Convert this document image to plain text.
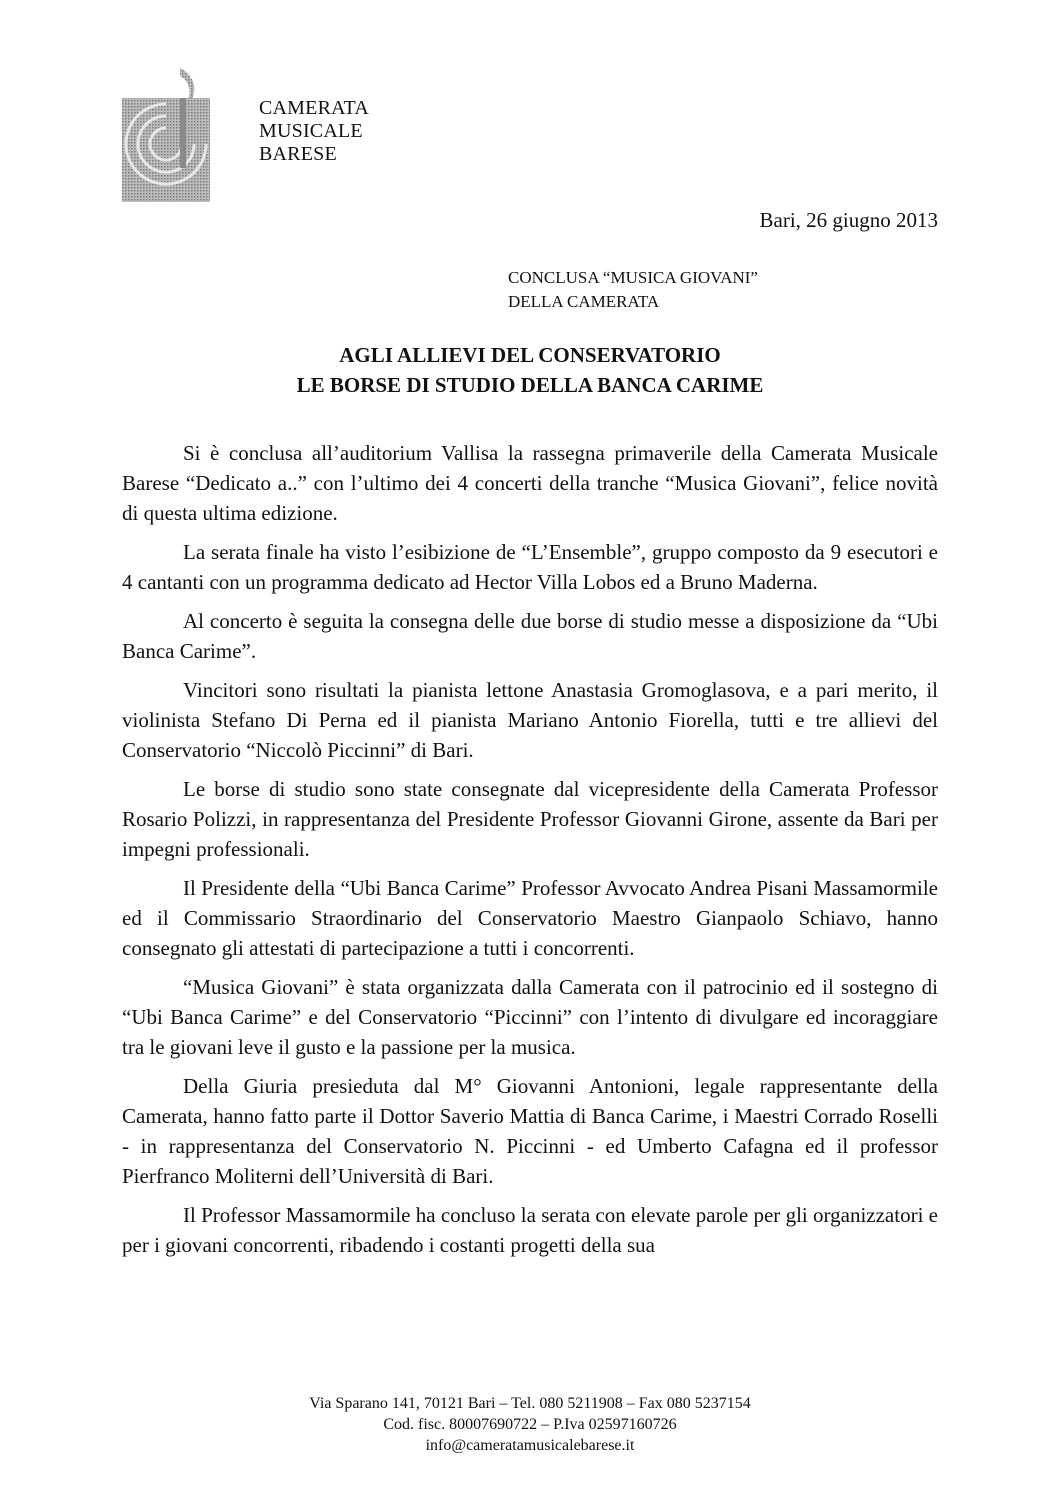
CAMERATA
MUSICALE
BARESE
Bari, 26 giugno 2013
CONCLUSA “MUSICA GIOVANI”
DELLA CAMERATA
AGLI ALLIEVI DEL CONSERVATORIO
LE BORSE DI STUDIO DELLA BANCA CARIME

Si è conclusa all’auditorium Vallisa la rassegna primaverile della Camerata Musicale Barese “Dedicato a..” con l’ultimo dei 4 concerti della tranche “Musica Giovani”, felice novità di questa ultima edizione.

La serata finale ha visto l’esibizione de “L’Ensemble”, gruppo composto da 9 esecutori e 4 cantanti con un programma dedicato ad Hector Villa Lobos ed a Bruno Maderna.

Al concerto è seguita la consegna delle due borse di studio messe a disposizione da “Ubi Banca Carime”.

Vincitori sono risultati la pianista lettone Anastasia Gromoglasova, e a pari merito, il violinista Stefano Di Perna ed il pianista Mariano Antonio Fiorella, tutti e tre allievi del Conservatorio “Niccolò Piccinni” di Bari.

Le borse di studio sono state consegnate dal vicepresidente della Camerata Professor Rosario Polizzi, in rappresentanza del Presidente Professor Giovanni Girone, assente da Bari per impegni professionali.

Il Presidente della “Ubi Banca Carime” Professor Avvocato Andrea Pisani Massamormile ed il Commissario Straordinario del Conservatorio Maestro Gianpaolo Schiavo, hanno consegnato gli attestati di partecipazione a tutti i concorrenti.

“Musica Giovani” è stata organizzata dalla Camerata con il patrocinio ed il sostegno di “Ubi Banca Carime” e del Conservatorio “Piccinni” con l’intento di divulgare ed incoraggiare tra le giovani leve il gusto e la passione per la musica.

Della Giuria presieduta dal M° Giovanni Antonioni, legale rappresentante della Camerata, hanno fatto parte il Dottor Saverio Mattia di Banca Carime, i Maestri Corrado Roselli - in rappresentanza del Conservatorio N. Piccinni - ed Umberto Cafagna ed il professor Pierfranco Moliterni dell’Università di Bari.

Il Professor Massamormile ha concluso la serata con elevate parole per gli organizzatori e per i giovani concorrenti, ribadendo i costanti progetti della sua

Via Sparano 141, 70121 Bari – Tel. 080 5211908 – Fax 080 5237154
Cod. fisc. 80007690722 – P.Iva 02597160726
info@cameratamusicalebarese.it
